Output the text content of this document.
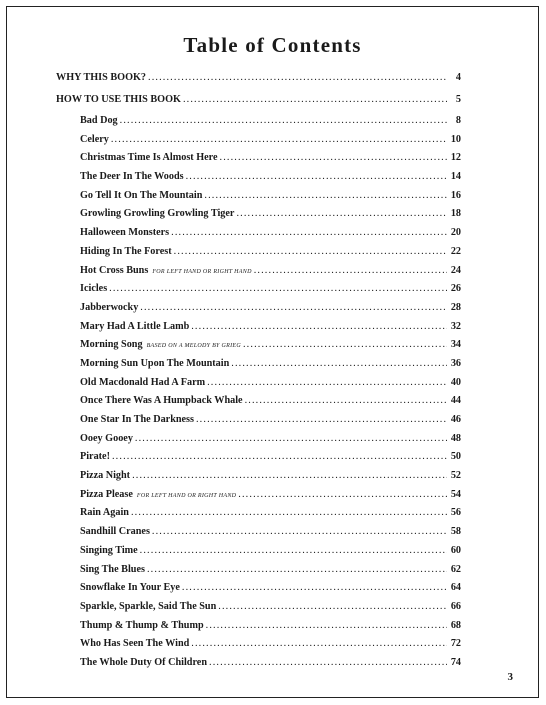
Table of Contents
WHY THIS BOOK? . . .	4
HOW TO USE THIS BOOK . . .	5
Bad Dog . . .	8
Celery . . .	10
Christmas Time Is Almost Here . . .	12
The Deer In The Woods . . .	14
Go Tell It On The Mountain . . .	16
Growling Growling Growling Tiger . . .	18
Halloween Monsters . . .	20
Hiding In The Forest . . .	22
Hot Cross Buns FOR LEFT HAND OR RIGHT HAND . . .	24
Icicles . . .	26
Jabberwocky . . .	28
Mary Had A Little Lamb . . .	32
Morning Song BASED ON A MELODY BY GRIEG . . .	34
Morning Sun Upon The Mountain . . .	36
Old Macdonald Had A Farm . . .	40
Once There Was A Humpback Whale . . .	44
One Star In The Darkness . . .	46
Ooey Gooey . . .	48
Pirate! . . .	50
Pizza Night . . .	52
Pizza Please FOR LEFT HAND OR RIGHT HAND . . .	54
Rain Again . . .	56
Sandhill Cranes . . .	58
Singing Time . . .	60
Sing The Blues . . .	62
Snowflake In Your Eye . . .	64
Sparkle, Sparkle, Said The Sun . . .	66
Thump & Thump & Thump . . .	68
Who Has Seen The Wind . . .	72
The Whole Duty Of Children . . .	74
3
